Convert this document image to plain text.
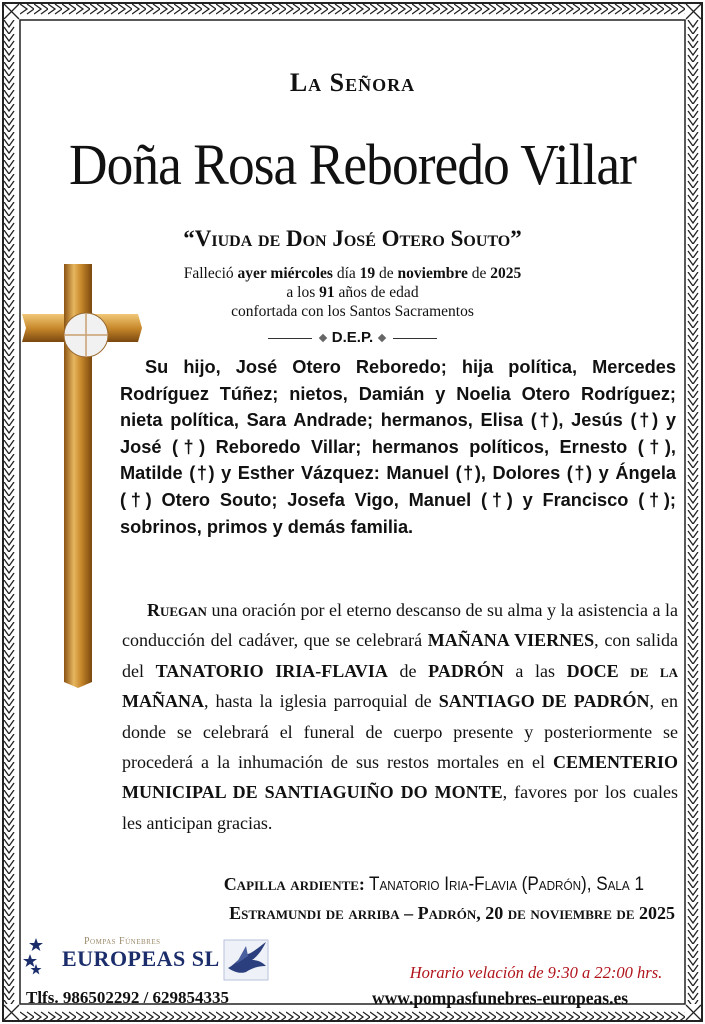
La Señora
Doña Rosa Reboredo Villar
“Viuda de Don José Otero Souto”
Falleció ayer miércoles día 19 de noviembre de 2025
a los 91 años de edad
confortada con los Santos Sacramentos
D.E.P.

Su hijo, José Otero Reboredo; hija política, Mercedes Rodríguez Túñez; nietos, Damián y Noelia Otero Rodríguez; nieta política, Sara Andrade; hermanos, Elisa (†), Jesús (†) y José (†) Reboredo Villar; hermanos políticos, Ernesto (†), Matilde (†) y Esther Vázquez: Manuel (†), Dolores (†) y Ángela (†) Otero Souto; Josefa Vigo, Manuel (†) y Francisco (†); sobrinos, primos y demás familia.

Ruegan una oración por el eterno descanso de su alma y la asistencia a la conducción del cadáver, que se celebrará MAÑANA VIERNES, con salida del TANATORIO IRIA-FLAVIA de PADRÓN a las DOCE de la MAÑANA, hasta la iglesia parroquial de SANTIAGO DE PADRÓN, en donde se celebrará el funeral de cuerpo presente y posteriormente se procederá a la inhumación de sus restos mortales en el CEMENTERIO MUNICIPAL DE SANTIAGUIÑO DO MONTE, favores por los cuales les anticipan gracias.

Capilla ardiente: Tanatorio Iria-Flavia (Padrón), Sala 1
Estramundi de arriba – Padrón, 20 de noviembre de 2025
Pompas Fúnebres
EUROPEAS SL
Horario velación de 9:30 a 22:00 hrs.
Tlfs. 986502292 / 629854335	www.pompasfunebres-europeas.es
